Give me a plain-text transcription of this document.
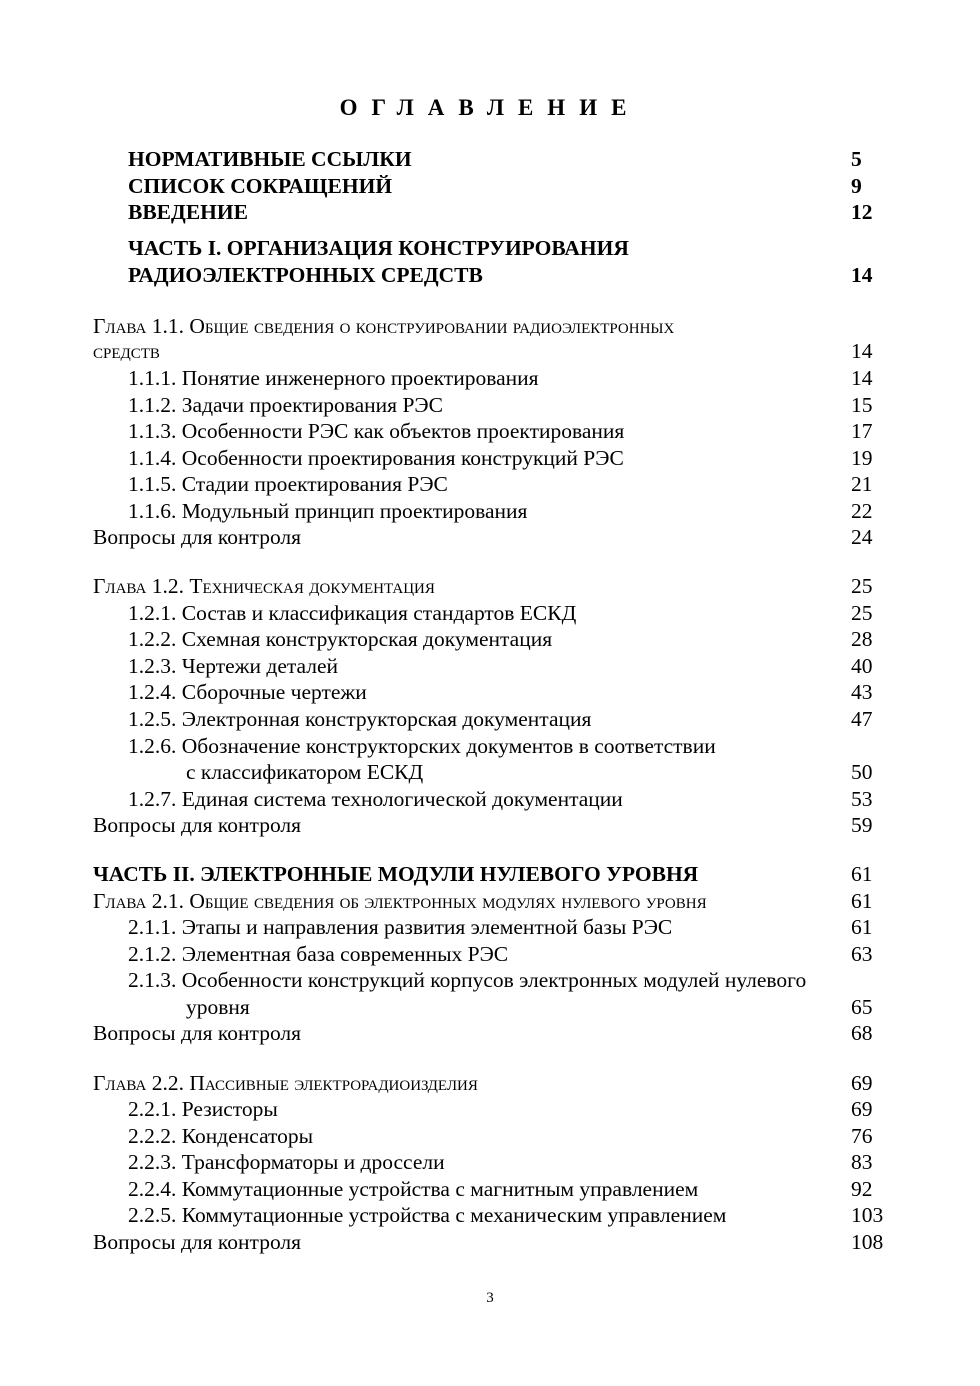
ОГЛАВЛЕНИЕ
НОРМАТИВНЫЕ ССЫЛКИ	5
СПИСОК СОКРАЩЕНИЙ	9
ВВЕДЕНИЕ	12
ЧАСТЬ I. ОРГАНИЗАЦИЯ КОНСТРУИРОВАНИЯ
РАДИОЭЛЕКТРОННЫХ СРЕДСТВ	14
Глава 1.1. Общие сведения о конструировании радиоэлектронных
средств	14
1.1.1. Понятие инженерного проектирования	14
1.1.2. Задачи проектирования РЭС	15
1.1.3. Особенности РЭС как объектов проектирования	17
1.1.4. Особенности проектирования конструкций РЭС	19
1.1.5. Стадии проектирования РЭС	21
1.1.6. Модульный принцип проектирования	22
Вопросы для контроля	24
Глава 1.2. Техническая документация	25
1.2.1. Состав и классификация стандартов ЕСКД	25
1.2.2. Схемная конструкторская документация	28
1.2.3. Чертежи деталей	40
1.2.4. Сборочные чертежи	43
1.2.5. Электронная конструкторская документация	47
1.2.6. Обозначение конструкторских документов в соответствии
с классификатором ЕСКД	50
1.2.7. Единая система технологической документации	53
Вопросы для контроля	59
ЧАСТЬ II. ЭЛЕКТРОННЫЕ МОДУЛИ НУЛЕВОГО УРОВНЯ	61
Глава 2.1. Общие сведения об электронных модулях нулевого уровня	61
2.1.1. Этапы и направления развития элементной базы РЭС	61
2.1.2. Элементная база современных РЭС	63
2.1.3. Особенности конструкций корпусов электронных модулей нулевого
уровня	65
Вопросы для контроля	68
Глава 2.2. Пассивные электрорадиоизделия	69
2.2.1. Резисторы	69
2.2.2. Конденсаторы	76
2.2.3. Трансформаторы и дроссели	83
2.2.4. Коммутационные устройства с магнитным управлением	92
2.2.5. Коммутационные устройства с механическим управлением	103
Вопросы для контроля	108
3
